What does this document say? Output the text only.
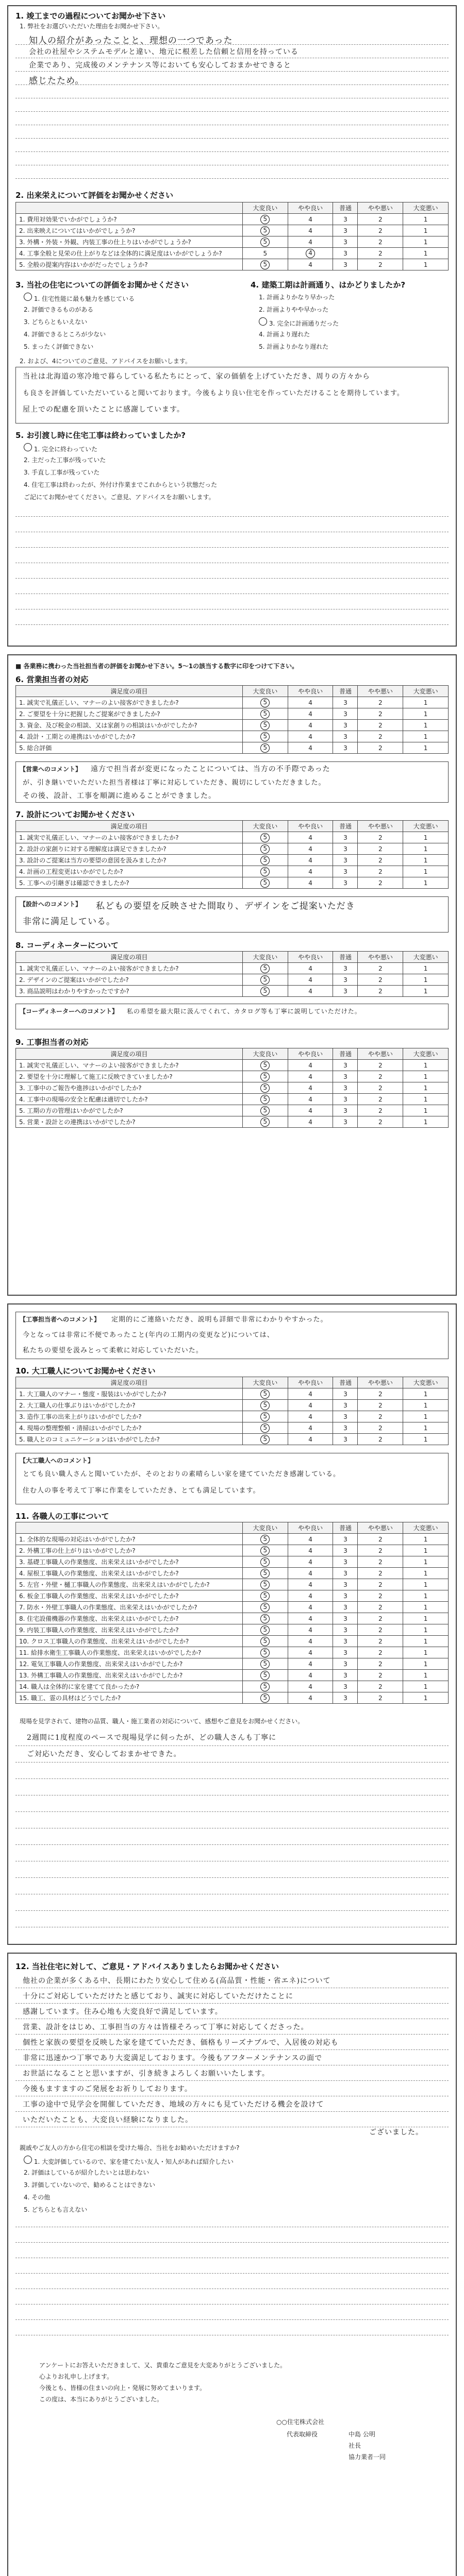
1. 竣工までの過程についてお聞かせ下さい
1. 弊社をお選びいただいた理由をお聞かせ下さい。
知人の紹介があったことと、理想の一つであった
会社の社屋やシステムモデルと違い、地元に根差した信頼と信用を持っている
企業であり、完成後のメンテナンス等においても安心しておまかせできると
感じたため。
2. 出来栄えについて評価をお聞かせください
	大変良い	やや良い	普通	やや悪い	大変悪い
1. 費用対効果でいかがでしょうか?	5	4	3	2	1
2. 出来映えについてはいかがでしょうか?	5	4	3	2	1
3. 外構・外装・外観、内装工事の仕上りはいかがでしょうか?	5	4	3	2	1
4. 工事全般と見栄の仕上がりなどは全体的に満足度はいかがでしょうか?	5	4	3	2	1
5. 全般の提案内容はいかがだったでしょうか?	5	4	3	2	1
3. 当社の住宅についての評価をお聞かせください
1. 住宅性能に最も魅力を感じている
2. 評価できるものがある
3. どちらともいえない
4. 評価できるところが少ない
5. まったく評価できない
4. 建築工期は計画通り、はかどりましたか?
1. 計画よりかなり早かった
2. 計画よりやや早かった
3. 完全に計画通りだった
4. 計画より遅れた
5. 計画よりかなり遅れた
2. および、4についてのご意見、アドバイスをお願いします。
当社は北海道の寒冷地で暮らしている私たちにとって、家の価値を上げていただき、周りの方々から
も良さを評価していただいていると聞いております。今後もより良い住宅を作っていただけることを期待しています。
屋上での配慮を頂いたことに感謝しています。
5. お引渡し時に住宅工事は終わっていましたか?
1. 完全に終わっていた
2. 主だった工事が残っていた
3. 手直し工事が残っていた
4. 住宅工事は終わったが、外付け作業までこれからという状態だった
ご記にてお聞かせてください。ご意見、アドバイスをお願いします。
■ 各業務に携わった当社担当者の評価をお聞かせ下さい。5～1の該当する数字に印をつけて下さい。
6. 営業担当者の対応
満足度の項目	大変良い	やや良い	普通	やや悪い	大変悪い
1. 誠実で礼儀正しい、マナーのよい接客ができましたか?	5	4	3	2	1
2. ご要望を十分に把握したご提案ができましたか?	5	4	3	2	1
3. 資金、及び税金の相談、又は家創りの相談はいかがでしたか?	5	4	3	2	1
4. 設計・工期との連携はいかがでしたか?	5	4	3	2	1
5. 総合評価	5	4	3	2	1
【営業へのコメント】 遠方で担当者が変更になったことについては、当方の不手際であった
が、引き継いでいただいた担当者様は丁寧に対応していただき、親切にしていただきました。
その後、設計、工事を順調に進めることができました。
7. 設計についてお聞かせください
満足度の項目	大変良い	やや良い	普通	やや悪い	大変悪い
1. 誠実で礼儀正しい、マナーのよい接客ができましたか?	5	4	3	2	1
2. 設計の家創りに対する理解度は満足できましたか?	5	4	3	2	1
3. 設計のご提案は当方の要望の意図を汲みましたか?	5	4	3	2	1
4. 計画の工程変更はいかがでしたか?	5	4	3	2	1
5. 工事への引継ぎは確認できましたか?	5	4	3	2	1
【設計へのコメント】 私どもの要望を反映させた間取り、デザインをご提案いただき
非常に満足している。
8. コーディネーターについて
満足度の項目	大変良い	やや良い	普通	やや悪い	大変悪い
1. 誠実で礼儀正しい、マナーのよい接客ができましたか?	5	4	3	2	1
2. デザインのご提案はいかがでしたか?	5	4	3	2	1
3. 商品説明はわかりやすかったですか?	5	4	3	2	1
【コーディネーターへのコメント】 私の希望を最大限に汲んでくれて、カタログ等も丁寧に説明していただけた。
9. 工事担当者の対応
満足度の項目	大変良い	やや良い	普通	やや悪い	大変悪い
1. 誠実で礼儀正しい、マナーのよい接客ができましたか?	5	4	3	2	1
2. 要望を十分に理解して施工に反映できていましたか?	5	4	3	2	1
3. 工事中のご報告や進捗はいかがでしたか?	5	4	3	2	1
4. 工事中の現場の安全と配慮は適切でしたか?	5	4	3	2	1
5. 工期の方の管理はいかがでしたか?	5	4	3	2	1
5. 営業・設計との連携はいかがでしたか?	5	4	3	2	1
【工事担当者へのコメント】 定期的にご連絡いただき、説明も詳細で非常にわかりやすかった。
今となっては非常に不便であったこと(年内の工期内の変更など)については、
私たちの要望を汲みとって柔軟に対応していただいた。
10. 大工職人についてお聞かせください
満足度の項目	大変良い	やや良い	普通	やや悪い	大変悪い
1. 大工職人のマナー・態度・服装はいかがでしたか?	5	4	3	2	1
2. 大工職人の仕事ぶりはいかがでしたか?	5	4	3	2	1
3. 造作工事の出来上がりはいかがでしたか?	5	4	3	2	1
4. 現場の整理整頓・清掃はいかがでしたか?	5	4	3	2	1
5. 職人とのコミュニケーションはいかがでしたか?	5	4	3	2	1
【大工職人へのコメント】
とても良い職人さんと聞いていたが、そのとおりの素晴らしい家を建てていただき感謝している。
住む人の事を考えて丁寧に作業をしていただき、とても満足しています。
11. 各職人の工事について
	大変良い	やや良い	普通	やや悪い	大変悪い
1. 全体的な現場の対応はいかがでしたか?	5	4	3	2	1
2. 外構工事の仕上がりはいかがでしたか?	5	4	3	2	1
3. 基礎工事職人の作業態度、出来栄えはいかがでしたか?	5	4	3	2	1
4. 屋根工事職人の作業態度、出来栄えはいかがでしたか?	5	4	3	2	1
5. 左官・外壁・樋工事職人の作業態度、出来栄えはいかがでしたか?	5	4	3	2	1
6. 板金工事職人の作業態度、出来栄えはいかがでしたか?	5	4	3	2	1
7. 防水・外壁工事職人の作業態度、出来栄えはいかがでしたか?	5	4	3	2	1
8. 住宅設備機器の作業態度、出来栄えはいかがでしたか?	5	4	3	2	1
9. 内装工事職人の作業態度、出来栄えはいかがでしたか?	5	4	3	2	1
10. クロス工事職人の作業態度、出来栄えはいかがでしたか?	5	4	3	2	1
11. 給排水衛生工事職人の作業態度、出来栄えはいかがでしたか?	5	4	3	2	1
12. 電気工事職人の作業態度、出来栄えはいかがでしたか?	5	4	3	2	1
13. 外構工事職人の作業態度、出来栄えはいかがでしたか?	5	4	3	2	1
14. 職人は全体的に家を建てて良かったか?	5	4	3	2	1
15. 職工、霊の具材はどうでしたか?	5	4	3	2	1
現場を見学されて、建物の品質、職人・施工業者の対応について、感想やご意見をお聞かせください。
2週間に1度程度のペースで現場見学に伺ったが、どの職人さんも丁寧に
ご対応いただき、安心しておまかせできた。
12. 当社住宅に対して、ご意見・アドバイスありましたらお聞かせください
他社の企業が多くある中、長期にわたり安心して住める(高品質・性能・省エネ)について
十分にご対応していただけたと感じており、誠実に対応していただけたことに
感謝しています。住み心地も大変良好で満足しています。
営業、設計をはじめ、工事担当の方々は皆様そろって丁寧に対応してくださった。
個性と家族の要望を反映した家を建てていただき、価格もリーズナブルで、入居後の対応も
非常に迅速かつ丁寧であり大変満足しております。今後もアフターメンテナンスの面で
お世話になることと思いますが、引き続きよろしくお願いいたします。
今後もますますのご発展をお祈りしております。
工事の途中で見学会を開催していただき、地域の方々にも見ていただける機会を設けて
いただいたことも、大変良い経験になりました。
ございました。
親戚やご友人の方から住宅の相談を受けた場合、当社をお勧めいただけますか?
1. 大変評価しているので、家を建てたい友人・知人があれば紹介したい
2. 評価はしているが紹介したいとは思わない
3. 評価していないので、勧めることはできない
4. その他
5. どちらとも言えない
アンケートにお答えいただきまして、又、貴重なご意見を大変ありがとうございました。
心よりお礼申し上げます。
今後とも、皆様の住まいの向上・発展に努めてまいります。
この度は、本当にありがとうございました。
○○住宅株式会社
代表取締役	中島 公明
社長
協力業者一同
